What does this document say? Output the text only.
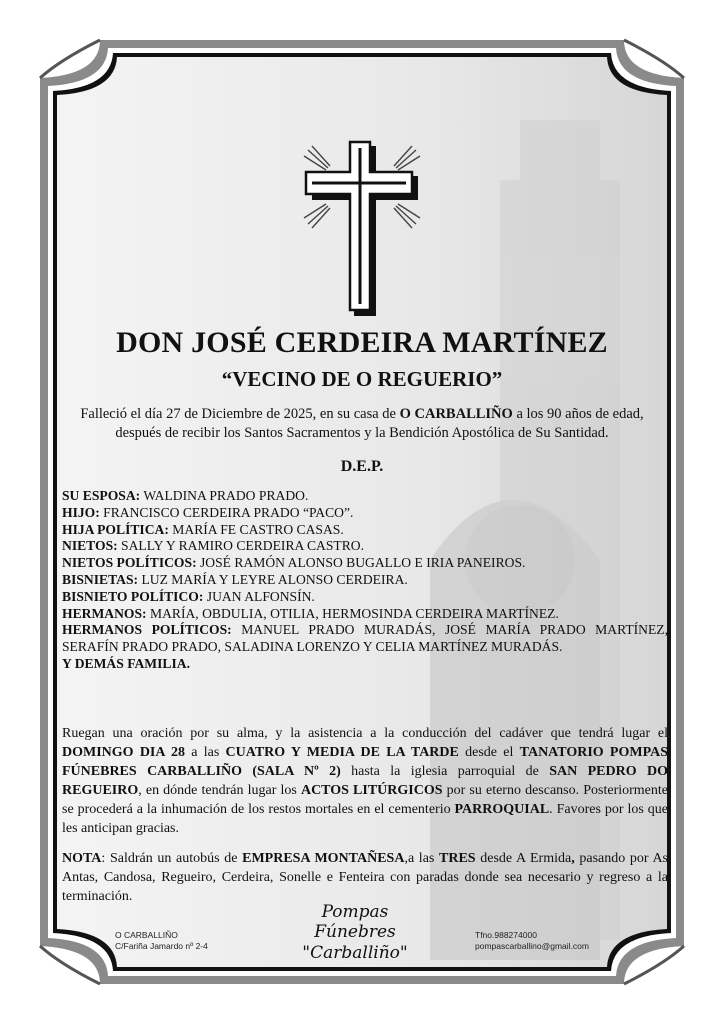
DON JOSÉ CERDEIRA MARTÍNEZ
“VECINO DE O REGUERIO”
Falleció el día 27 de Diciembre de 2025, en su casa de O CARBALLIÑO a los 90 años de edad, después de recibir los Santos Sacramentos y la Bendición Apostólica de Su Santidad.
D.E.P.
SU ESPOSA: WALDINA PRADO PRADO.
HIJO: FRANCISCO CERDEIRA PRADO “PACO”.
HIJA POLÍTICA: MARÍA FE CASTRO CASAS.
NIETOS: SALLY Y RAMIRO CERDEIRA CASTRO.
NIETOS POLÍTICOS: JOSÉ RAMÓN ALONSO BUGALLO E IRIA PANEIROS.
BISNIETAS: LUZ MARÍA Y LEYRE ALONSO CERDEIRA.
BISNIETO POLÍTICO: JUAN ALFONSÍN.
HERMANOS: MARÍA, OBDULIA, OTILIA, HERMOSINDA CERDEIRA MARTÍNEZ.
HERMANOS POLÍTICOS: MANUEL PRADO MURADÁS, JOSÉ MARÍA PRADO MARTÍNEZ, SERAFÍN PRADO PRADO, SALADINA LORENZO Y CELIA MARTÍNEZ MURADÁS.
Y DEMÁS FAMILIA.
Ruegan una oración por su alma, y la asistencia a la conducción del cadáver que tendrá lugar el DOMINGO DIA 28 a las CUATRO Y MEDIA DE LA TARDE desde el TANATORIO POMPAS FÚNEBRES CARBALLIÑO (SALA Nº 2) hasta la iglesia parroquial de SAN PEDRO DO REGUEIRO, en dónde tendrán lugar los ACTOS LITÚRGICOS por su eterno descanso. Posteriormente se procederá a la inhumación de los restos mortales en el cementerio PARROQUIAL. Favores por los que les anticipan gracias.
NOTA: Saldrán un autobús de EMPRESA MONTAÑESA,a las TRES desde A Ermida, pasando por As Antas, Candosa, Regueiro, Cerdeira, Sonelle e Fenteira con paradas donde sea necesario y regreso a la terminación.
O CARBALLIÑO
C/Fariña Jamardo nº 2-4
Pompas Fúnebres
"Carballiño"
Tfno.988274000
pompascarballino@gmail.com
